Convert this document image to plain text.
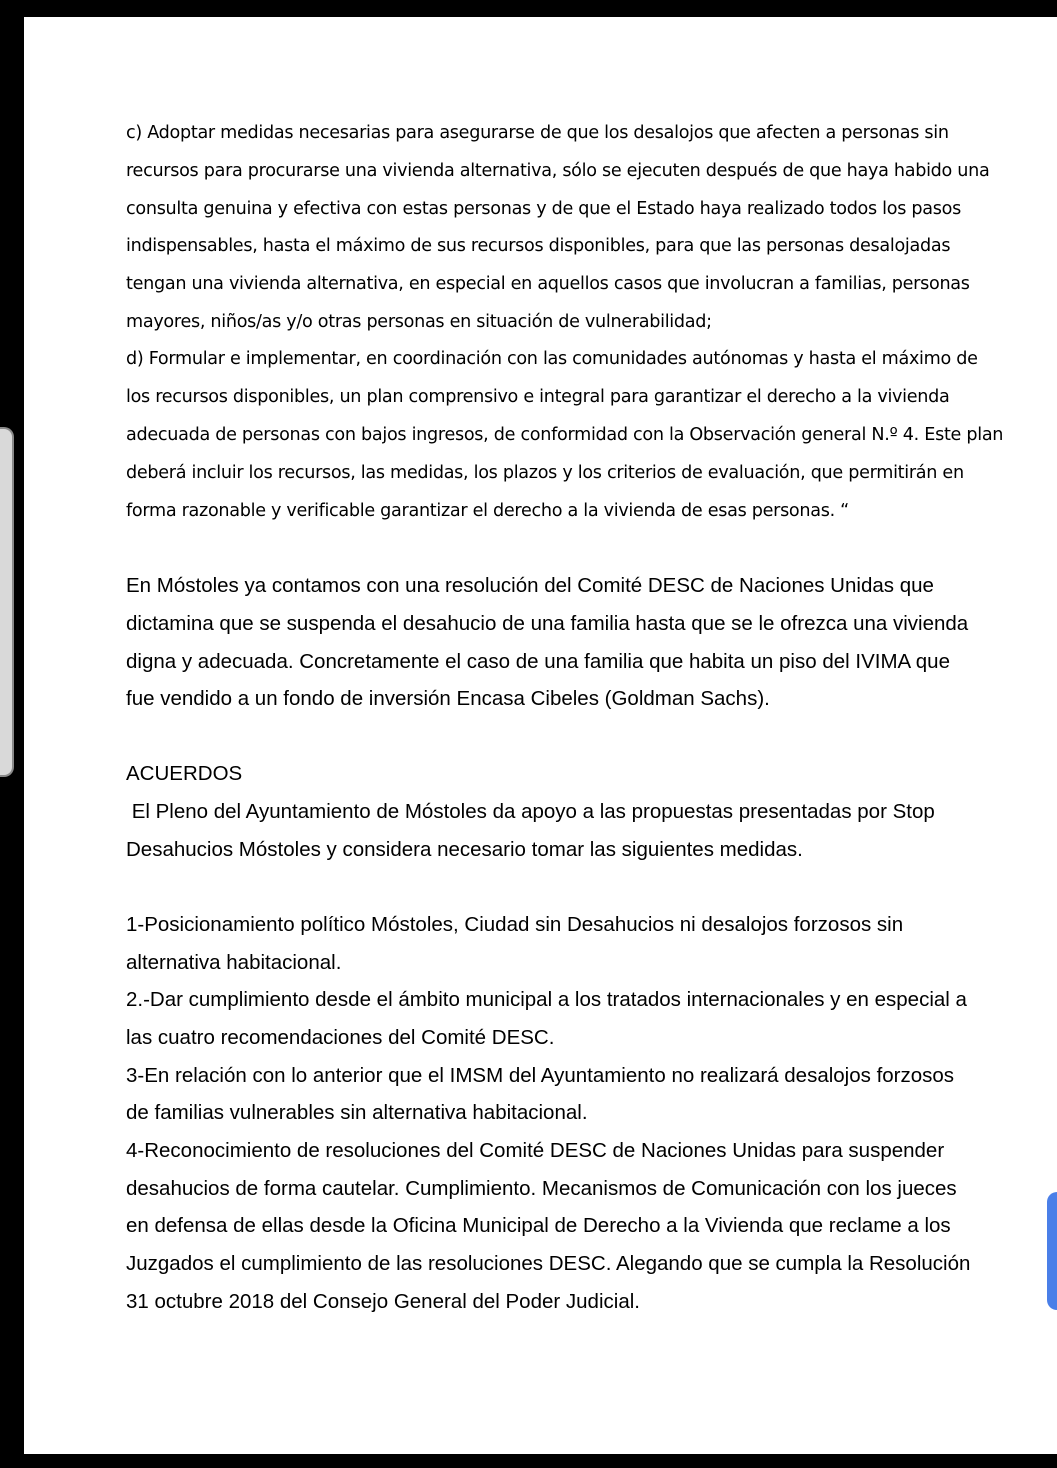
c) Adoptar medidas necesarias para asegurarse de que los desalojos que afecten a personas sin
recursos para procurarse una vivienda alternativa, sólo se ejecuten después de que haya habido una
consulta genuina y efectiva con estas personas y de que el Estado haya realizado todos los pasos
indispensables, hasta el máximo de sus recursos disponibles, para que las personas desalojadas
tengan una vivienda alternativa, en especial en aquellos casos que involucran a familias, personas
mayores, niños/as y/o otras personas en situación de vulnerabilidad;
d) Formular e implementar, en coordinación con las comunidades autónomas y hasta el máximo de
los recursos disponibles, un plan comprensivo e integral para garantizar el derecho a la vivienda
adecuada de personas con bajos ingresos, de conformidad con la Observación general N.º 4. Este plan
deberá incluir los recursos, las medidas, los plazos y los criterios de evaluación, que permitirán en
forma razonable y verificable garantizar el derecho a la vivienda de esas personas. “
En Móstoles ya contamos con una resolución del Comité DESC de Naciones Unidas que
dictamina que se suspenda el desahucio de una familia hasta que se le ofrezca una vivienda
digna y adecuada. Concretamente el caso de una familia que habita un piso del IVIMA que
fue vendido a un fondo de inversión Encasa Cibeles (Goldman Sachs).
ACUERDOS
El Pleno del Ayuntamiento de Móstoles da apoyo a las propuestas presentadas por Stop
Desahucios Móstoles y considera necesario tomar las siguientes medidas.
1-Posicionamiento político Móstoles, Ciudad sin Desahucios ni desalojos forzosos sin
alternativa habitacional.
2.-Dar cumplimiento desde el ámbito municipal a los tratados internacionales y en especial a
las cuatro recomendaciones del Comité DESC.
3-En relación con lo anterior que el IMSM del Ayuntamiento no realizará desalojos forzosos
de familias vulnerables sin alternativa habitacional.
4-Reconocimiento de resoluciones del Comité DESC de Naciones Unidas para suspender
desahucios de forma cautelar. Cumplimiento. Mecanismos de Comunicación con los jueces
en defensa de ellas desde la Oficina Municipal de Derecho a la Vivienda que reclame a los
Juzgados el cumplimiento de las resoluciones DESC. Alegando que se cumpla la Resolución
31 octubre 2018 del Consejo General del Poder Judicial.
